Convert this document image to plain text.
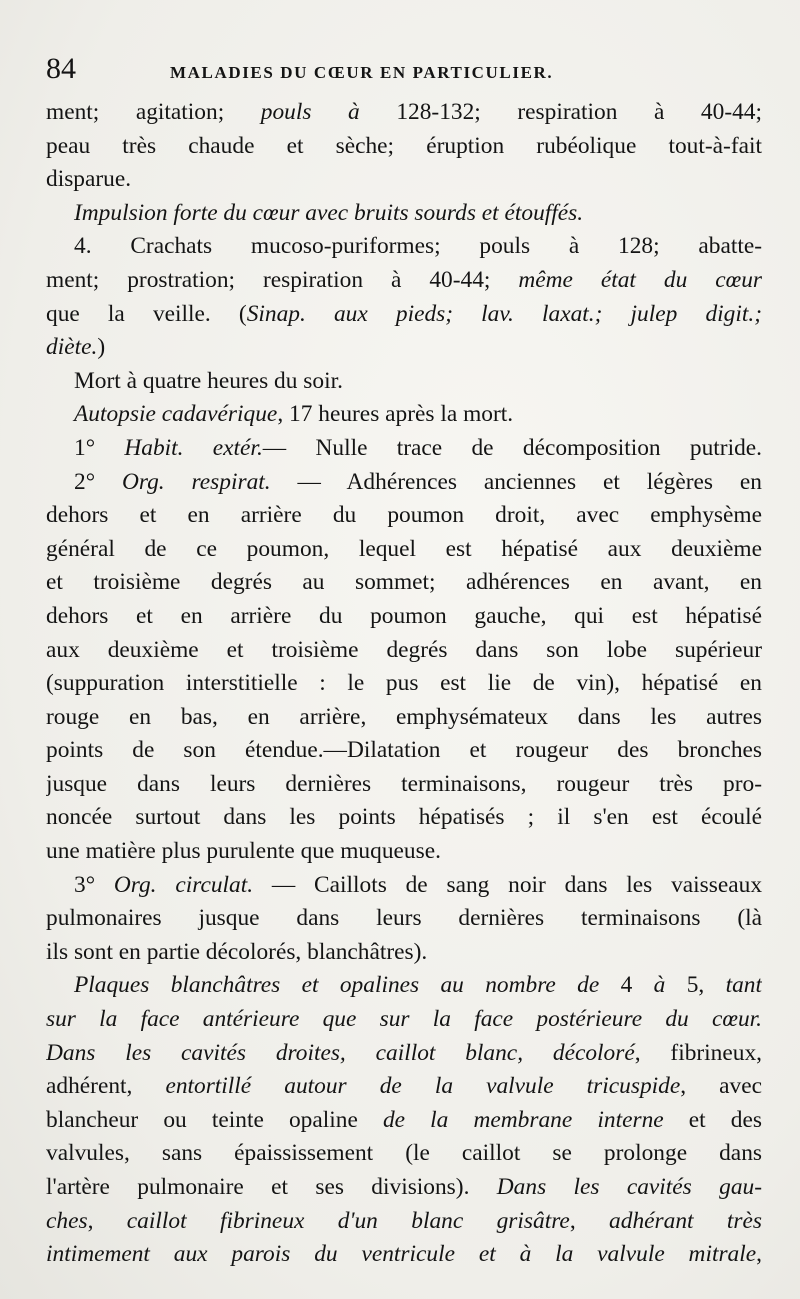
84	MALADIES DU CŒUR EN PARTICULIER.
ment; agitation; pouls à 128-132; respiration à 40-44;
peau très chaude et sèche; éruption rubéolique tout-à-fait
disparue.
Impulsion forte du cœur avec bruits sourds et étouffés.
4. Crachats mucoso-puriformes; pouls à 128; abatte-
ment; prostration; respiration à 40-44; même état du cœur
que la veille. (Sinap. aux pieds; lav. laxat.; julep digit.;
diète.)
Mort à quatre heures du soir.
Autopsie cadavérique, 17 heures après la mort.
1° Habit. extér.— Nulle trace de décomposition putride.
2° Org. respirat. — Adhérences anciennes et légères en
dehors et en arrière du poumon droit, avec emphysème
général de ce poumon, lequel est hépatisé aux deuxième
et troisième degrés au sommet; adhérences en avant, en
dehors et en arrière du poumon gauche, qui est hépatisé
aux deuxième et troisième degrés dans son lobe supérieur
(suppuration interstitielle : le pus est lie de vin), hépatisé en
rouge en bas, en arrière, emphysémateux dans les autres
points de son étendue.—Dilatation et rougeur des bronches
jusque dans leurs dernières terminaisons, rougeur très pro-
noncée surtout dans les points hépatisés ; il s'en est écoulé
une matière plus purulente que muqueuse.
3° Org. circulat. — Caillots de sang noir dans les vaisseaux
pulmonaires jusque dans leurs dernières terminaisons (là
ils sont en partie décolorés, blanchâtres).
Plaques blanchâtres et opalines au nombre de 4 à 5, tant
sur la face antérieure que sur la face postérieure du cœur.
Dans les cavités droites, caillot blanc, décoloré, fibrineux,
adhérent, entortillé autour de la valvule tricuspide, avec
blancheur ou teinte opaline de la membrane interne et des
valvules, sans épaississement (le caillot se prolonge dans
l'artère pulmonaire et ses divisions). Dans les cavités gau-
ches, caillot fibrineux d'un blanc grisâtre, adhérant très
intimement aux parois du ventricule et à la valvule mitrale,
